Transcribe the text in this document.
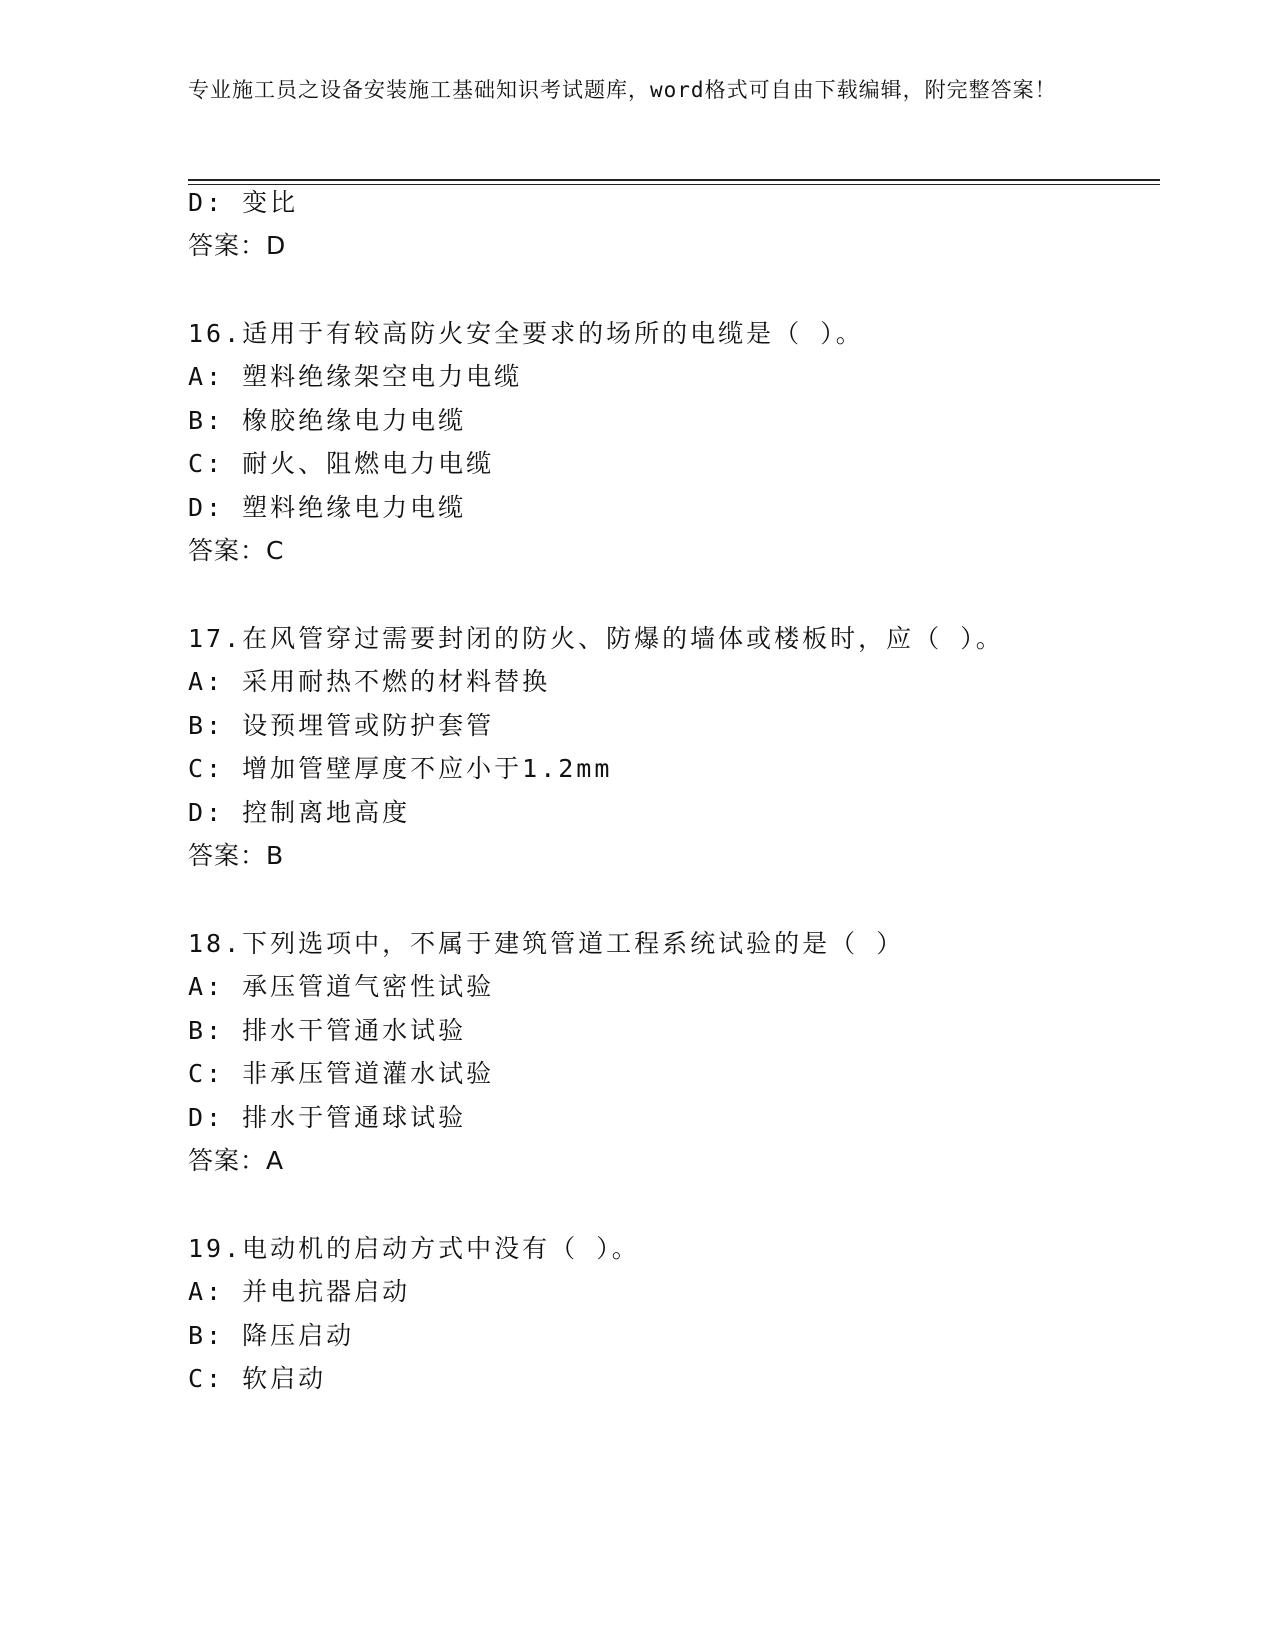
专业施工员之设备安装施工基础知识考试题库，word格式可自由下载编辑，附完整答案！
D: 变比
答案：D
16.适用于有较高防火安全要求的场所的电缆是（ ）。
A: 塑料绝缘架空电力电缆
B: 橡胶绝缘电力电缆
C: 耐火、阻燃电力电缆
D: 塑料绝缘电力电缆
答案：C
17.在风管穿过需要封闭的防火、防爆的墙体或楼板时，应（ ）。
A: 采用耐热不燃的材料替换
B: 设预埋管或防护套管
C: 增加管壁厚度不应小于1.2mm
D: 控制离地高度
答案：B
18.下列选项中，不属于建筑管道工程系统试验的是（ ）
A: 承压管道气密性试验
B: 排水干管通水试验
C: 非承压管道灌水试验
D: 排水于管通球试验
答案：A
19.电动机的启动方式中没有（ ）。
A: 并电抗器启动
B: 降压启动
C: 软启动
